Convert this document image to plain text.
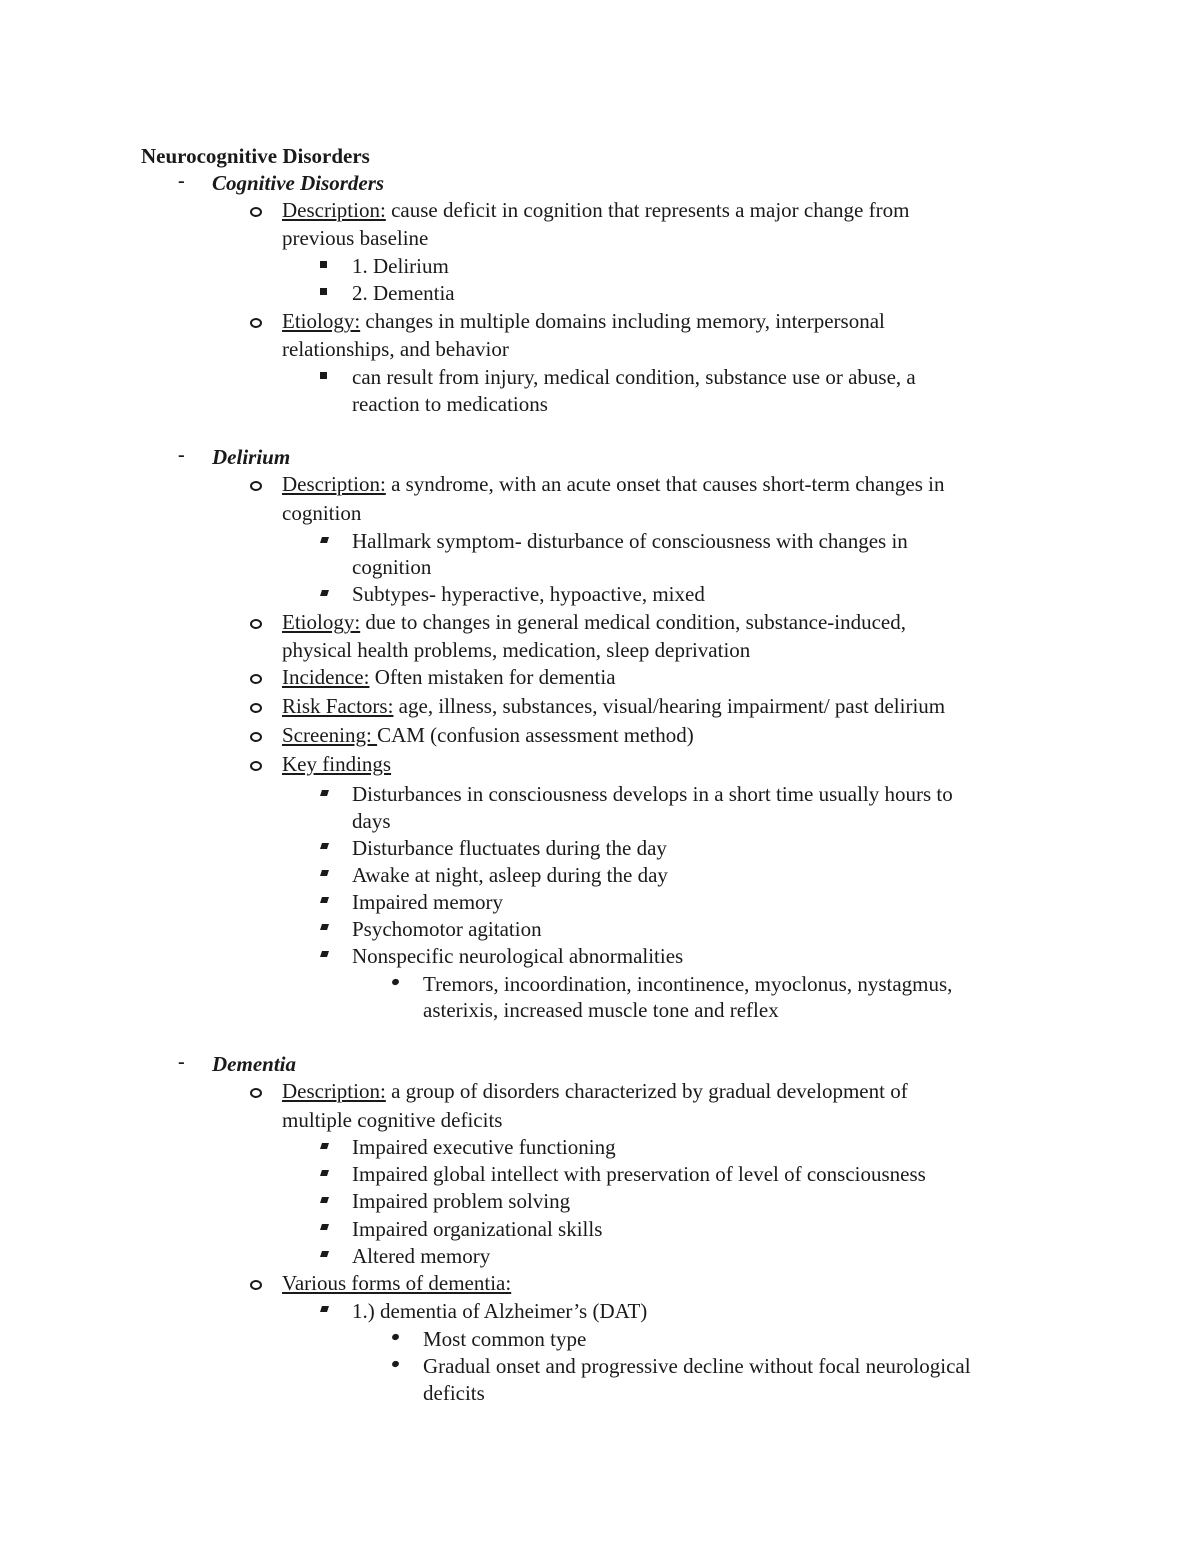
Neurocognitive Disorders
- Cognitive Disorders
Description: cause deficit in cognition that represents a major change from
previous baseline
1. Delirium
2. Dementia
Etiology: changes in multiple domains including memory, interpersonal
relationships, and behavior
can result from injury, medical condition, substance use or abuse, a
reaction to medications
- Delirium
Description: a syndrome, with an acute onset that causes short-term changes in
cognition
Hallmark symptom- disturbance of consciousness with changes in
cognition
Subtypes- hyperactive, hypoactive, mixed
Etiology: due to changes in general medical condition, substance-induced,
physical health problems, medication, sleep deprivation
Incidence: Often mistaken for dementia
Risk Factors: age, illness, substances, visual/hearing impairment/ past delirium
Screening: CAM (confusion assessment method)
Key findings
Disturbances in consciousness develops in a short time usually hours to
days
Disturbance fluctuates during the day
Awake at night, asleep during the day
Impaired memory
Psychomotor agitation
Nonspecific neurological abnormalities
Tremors, incoordination, incontinence, myoclonus, nystagmus,
asterixis, increased muscle tone and reflex
- Dementia
Description: a group of disorders characterized by gradual development of
multiple cognitive deficits
Impaired executive functioning
Impaired global intellect with preservation of level of consciousness
Impaired problem solving
Impaired organizational skills
Altered memory
Various forms of dementia:
1.) dementia of Alzheimer’s (DAT)
Most common type
Gradual onset and progressive decline without focal neurological
deficits
